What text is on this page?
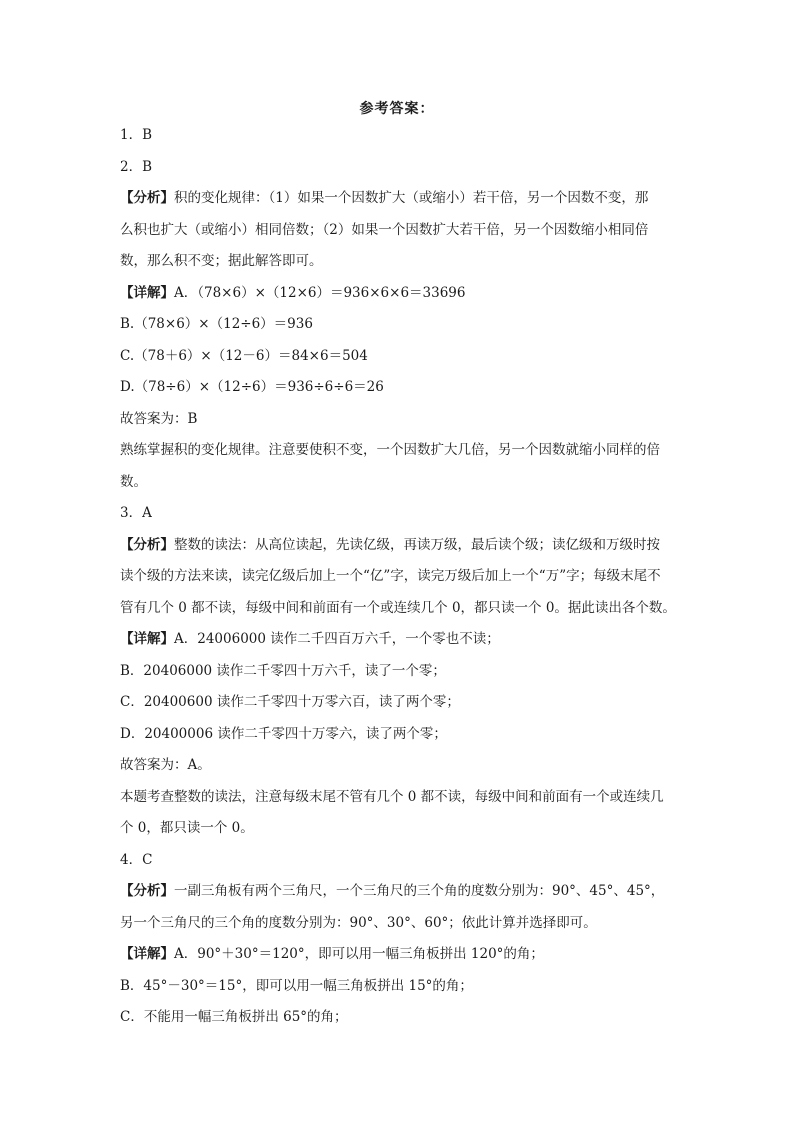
参考答案：
1．B
2．B
【分析】积的变化规律：（1）如果一个因数扩大（或缩小）若干倍，另一个因数不变，那
么积也扩大（或缩小）相同倍数；（2）如果一个因数扩大若干倍，另一个因数缩小相同倍
数，那么积不变；据此解答即可。
【详解】A．（78×6）×（12×6）＝936×6×6＝33696
B.（78×6）×（12÷6）＝936
C.（78＋6）×（12－6）＝84×6＝504
D.（78÷6）×（12÷6）＝936÷6÷6＝26
故答案为：B
熟练掌握积的变化规律。注意要使积不变，一个因数扩大几倍，另一个因数就缩小同样的倍
数。
3．A
【分析】整数的读法：从高位读起，先读亿级，再读万级，最后读个级；读亿级和万级时按
读个级的方法来读，读完亿级后加上一个“亿”字，读完万级后加上一个“万”字；每级末尾不
管有几个 0 都不读，每级中间和前面有一个或连续几个 0，都只读一个 0。据此读出各个数。
【详解】A．24006000 读作二千四百万六千，一个零也不读；
B．20406000 读作二千零四十万六千，读了一个零；
C．20400600 读作二千零四十万零六百，读了两个零；
D．20400006 读作二千零四十万零六，读了两个零；
故答案为：A。
本题考查整数的读法，注意每级末尾不管有几个 0 都不读，每级中间和前面有一个或连续几
个 0，都只读一个 0。
4．C
【分析】一副三角板有两个三角尺，一个三角尺的三个角的度数分别为：90°、45°、45°，
另一个三角尺的三个角的度数分别为：90°、30°、60°；依此计算并选择即可。
【详解】A．90°＋30°＝120°，即可以用一幅三角板拼出 120°的角；
B．45°－30°＝15°，即可以用一幅三角板拼出 15°的角；
C．不能用一幅三角板拼出 65°的角；
